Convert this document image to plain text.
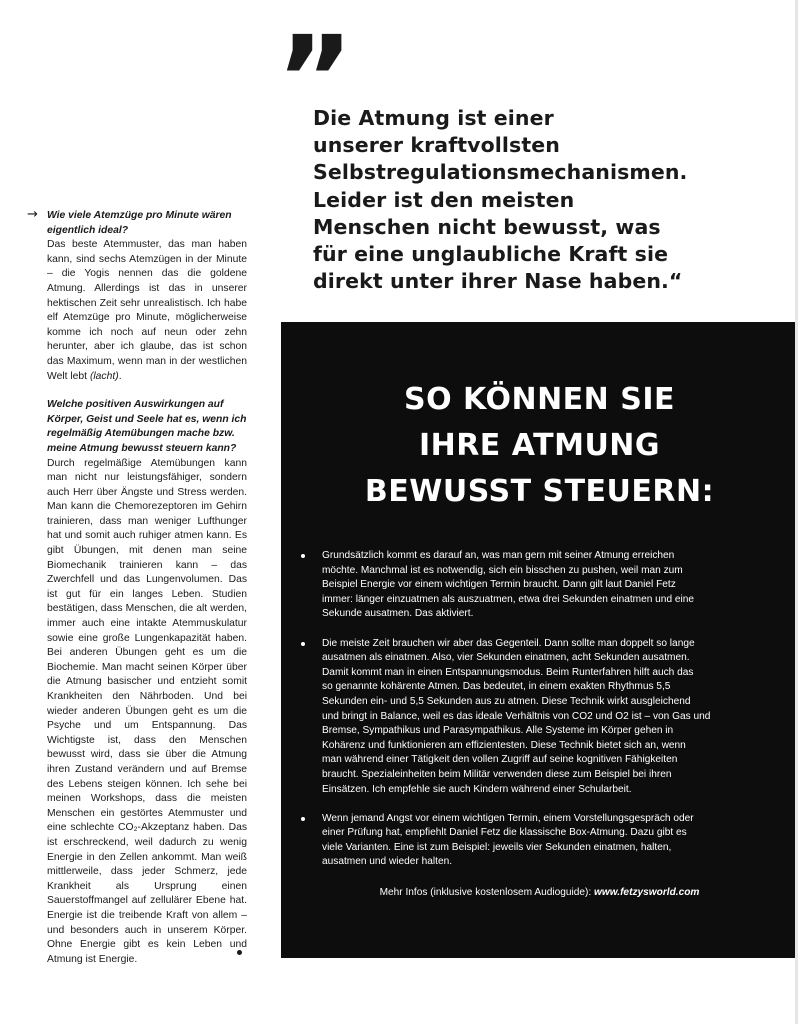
”
Die Atmung ist einer
unserer kraftvollsten
Selbstregulationsmechanismen.
Leider ist den meisten
Menschen nicht bewusst, was
für eine unglaubliche Kraft sie
direkt unter ihrer Nase haben.“
→ Wie viele Atemzüge pro Minute wären eigentlich ideal?

Das beste Atemmuster, das man haben kann, sind sechs Atemzügen in der Minute – die Yogis nennen das die goldene Atmung. Allerdings ist das in unserer hektischen Zeit sehr unrealistisch. Ich habe elf Atemzüge pro Minute, möglicherweise komme ich noch auf neun oder zehn herunter, aber ich glaube, das ist schon das Maximum, wenn man in der westlichen Welt lebt (lacht).

Welche positiven Auswirkungen auf Körper, Geist und Seele hat es, wenn ich regelmäßig Atemübungen mache bzw. meine Atmung bewusst steuern kann?

Durch regelmäßige Atemübungen kann man nicht nur leistungsfähiger, sondern auch Herr über Ängste und Stress werden. Man kann die Chemorezeptoren im Gehirn trainieren, dass man weniger Lufthunger hat und somit auch ruhiger atmen kann. Es gibt Übungen, mit denen man seine Biomechanik trainieren kann – das Zwerchfell und das Lungenvolumen. Das ist gut für ein langes Leben. Studien bestätigen, dass Menschen, die alt werden, immer auch eine intakte Atemmuskulatur sowie eine große Lungenkapazität haben. Bei anderen Übungen geht es um die Biochemie. Man macht seinen Körper über die Atmung basischer und entzieht somit Krankheiten den Nährboden. Und bei wieder anderen Übungen geht es um die Psyche und um Entspannung. Das Wichtigste ist, dass den Menschen bewusst wird, dass sie über die Atmung ihren Zustand verändern und auf Bremse des Lebens steigen können. Ich sehe bei meinen Workshops, dass die meisten Menschen ein gestörtes Atemmuster und eine schlechte CO₂-Akzeptanz haben. Das ist erschreckend, weil dadurch zu wenig Energie in den Zellen ankommt. Man weiß mittlerweile, dass jeder Schmerz, jede Krankheit als Ursprung einen Sauerstoffmangel auf zellulärer Ebene hat. Energie ist die treibende Kraft von allem – und besonders auch in unserem Körper. Ohne Energie gibt es kein Leben und Atmung ist Energie.

SO KÖNNEN SIE
IHRE ATMUNG
BEWUSST STEUERN:
Grundsätzlich kommt es darauf an, was man gern mit seiner Atmung erreichen
möchte. Manchmal ist es notwendig, sich ein bisschen zu pushen, weil man zum
Beispiel Energie vor einem wichtigen Termin braucht. Dann gilt laut Daniel Fetz
immer: länger einzuatmen als auszuatmen, etwa drei Sekunden einatmen und eine
Sekunde ausatmen. Das aktiviert.
Die meiste Zeit brauchen wir aber das Gegenteil. Dann sollte man doppelt so lange
ausatmen als einatmen. Also, vier Sekunden einatmen, acht Sekunden ausatmen.
Damit kommt man in einen Entspannungsmodus. Beim Runterfahren hilft auch das
so genannte kohärente Atmen. Das bedeutet, in einem exakten Rhythmus 5,5
Sekunden ein- und 5,5 Sekunden aus zu atmen. Diese Technik wirkt ausgleichend
und bringt in Balance, weil es das ideale Verhältnis von CO2 und O2 ist – von Gas und
Bremse, Sympathikus und Parasympathikus. Alle Systeme im Körper gehen in
Kohärenz und funktionieren am effizientesten. Diese Technik bietet sich an, wenn
man während einer Tätigkeit den vollen Zugriff auf seine kognitiven Fähigkeiten
braucht. Spezialeinheiten beim Militär verwenden diese zum Beispiel bei ihren
Einsätzen. Ich empfehle sie auch Kindern während einer Schularbeit.
Wenn jemand Angst vor einem wichtigen Termin, einem Vorstellungsgespräch oder
einer Prüfung hat, empfiehlt Daniel Fetz die klassische Box-Atmung. Dazu gibt es
viele Varianten. Eine ist zum Beispiel: jeweils vier Sekunden einatmen, halten,
ausatmen und wieder halten.
Mehr Infos (inklusive kostenlosem Audioguide): www.fetzysworld.com
